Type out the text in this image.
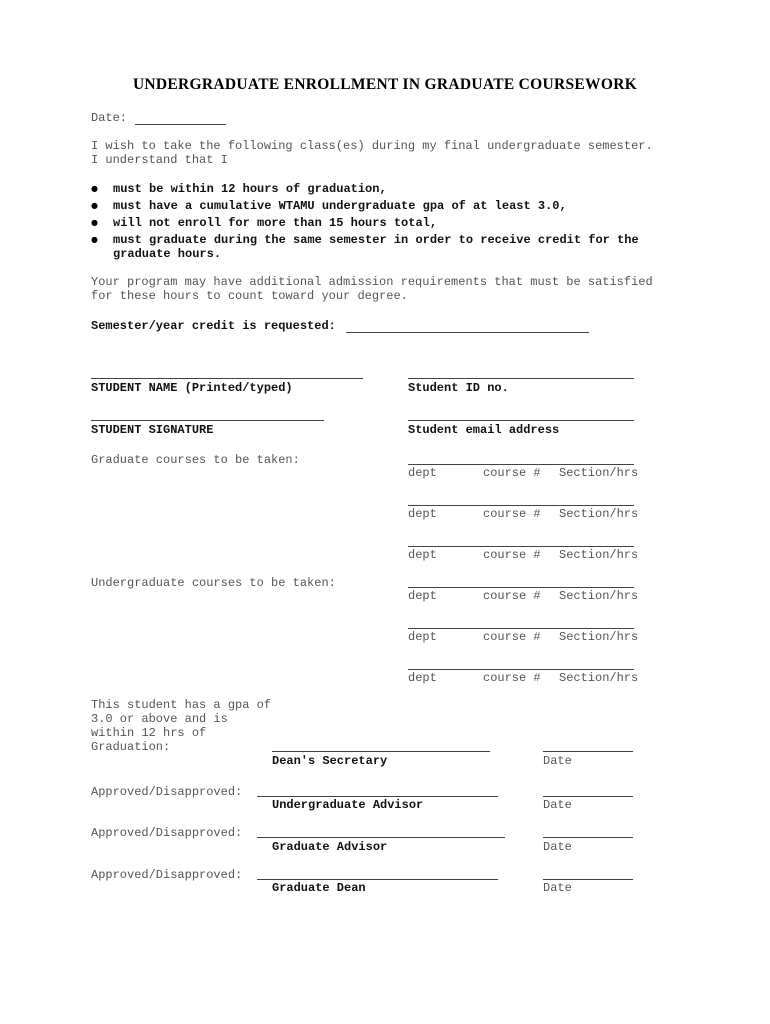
UNDERGRADUATE ENROLLMENT IN GRADUATE COURSEWORK
Date:
I wish to take the following class(es) during my final undergraduate semester.
I understand that I
● must be within 12 hours of graduation,
● must have a cumulative WTAMU undergraduate gpa of at least 3.0,
● will not enroll for more than 15 hours total,
● must graduate during the same semester in order to receive credit for the
graduate hours.
Your program may have additional admission requirements that must be satisfied
for these hours to count toward your degree.
Semester/year credit is requested:
STUDENT NAME (Printed/typed)	Student ID no.
STUDENT SIGNATURE	Student email address
Graduate courses to be taken:
dept	course # Section/hrs
dept	course # Section/hrs
dept	course # Section/hrs
Undergraduate courses to be taken:
dept	course # Section/hrs
dept	course # Section/hrs
dept	course # Section/hrs
This student has a gpa of
3.0 or above and is
within 12 hrs of
Graduation:
Dean's Secretary	Date
Approved/Disapproved:
Undergraduate Advisor	Date
Approved/Disapproved:
Graduate Advisor	Date
Approved/Disapproved:
Graduate Dean	Date
